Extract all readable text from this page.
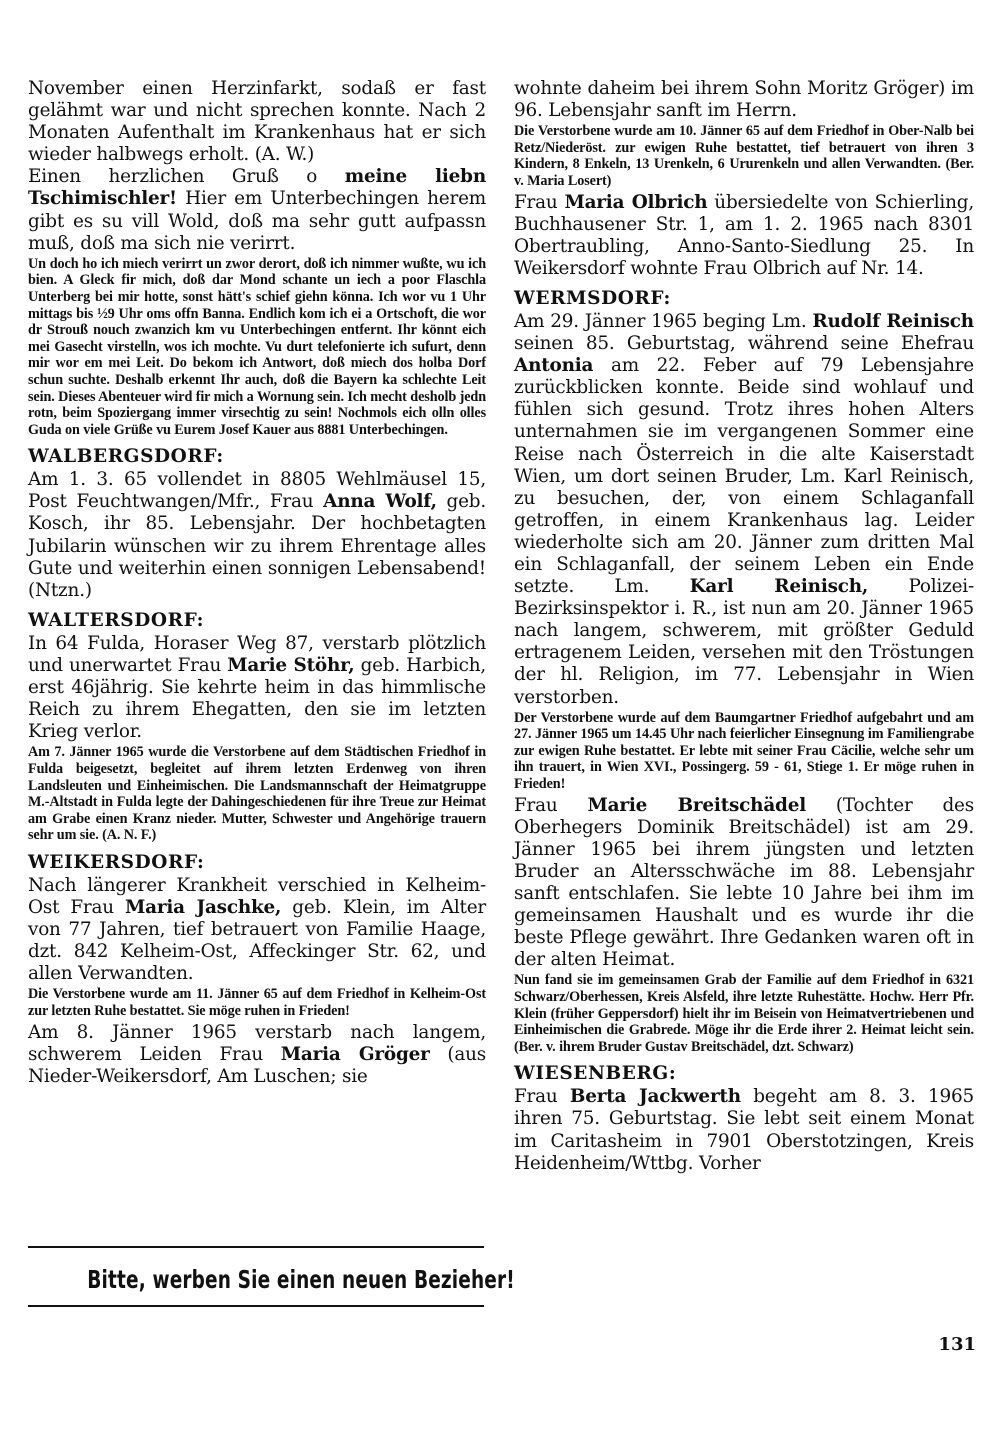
November einen Herzinfarkt, sodaß er fast gelähmt war und nicht sprechen konnte. Nach 2 Monaten Aufenthalt im Krankenhaus hat er sich wieder halbwegs erholt. (A. W.)

Einen herzlichen Gruß o meine liebn Tschimischler! Hier em Unterbechingen herem gibt es su vill Wold, doß ma sehr gutt aufpassn muß, doß ma sich nie verirrt.

Un doch ho ich miech verirrt un zwor derort, doß ich nimmer wußte, wu ich bien. A Gleck fir mich, doß dar Mond schante un iech a poor Flaschla Unterberg bei mir hotte, sonst hätt's schief giehn könna. Ich wor vu 1 Uhr mittags bis ½9 Uhr oms offn Banna. Endlich kom ich ei a Ortschoft, die wor dr Strouß nouch zwanzich km vu Unterbechingen entfernt. Ihr könnt eich mei Gasecht virstelln, wos ich mochte. Vu durt telefonierte ich sufurt, denn mir wor em mei Leit. Do bekom ich Antwort, doß miech dos holba Dorf schun suchte. Deshalb erkennt Ihr auch, doß die Bayern ka schlechte Leit sein. Dieses Abenteuer wird fir mich a Wornung sein. Ich mecht desholb jedn rotn, beim Spoziergang immer virsechtig zu sein! Nochmols eich olln olles Guda on viele Grüße vu Eurem Josef Kauer aus 8881 Unterbechingen.

WALBERGSDORF:

Am 1. 3. 65 vollendet in 8805 Wehlmäusel 15, Post Feuchtwangen/Mfr., Frau Anna Wolf, geb. Kosch, ihr 85. Lebensjahr. Der hochbetagten Jubilarin wünschen wir zu ihrem Ehrentage alles Gute und weiterhin einen sonnigen Lebensabend! (Ntzn.)

WALTERSDORF:

In 64 Fulda, Horaser Weg 87, verstarb plötzlich und unerwartet Frau Marie Stöhr, geb. Harbich, erst 46jährig. Sie kehrte heim in das himmlische Reich zu ihrem Ehegatten, den sie im letzten Krieg verlor.

Am 7. Jänner 1965 wurde die Verstorbene auf dem Städtischen Friedhof in Fulda beigesetzt, begleitet auf ihrem letzten Erdenweg von ihren Landsleuten und Einheimischen. Die Landsmannschaft der Heimatgruppe M.-Altstadt in Fulda legte der Dahingeschiedenen für ihre Treue zur Heimat am Grabe einen Kranz nieder. Mutter, Schwester und Angehörige trauern sehr um sie. (A. N. F.)

WEIKERSDORF:

Nach längerer Krankheit verschied in Kelheim-Ost Frau Maria Jaschke, geb. Klein, im Alter von 77 Jahren, tief betrauert von Familie Haage, dzt. 842 Kelheim-Ost, Affeckinger Str. 62, und allen Verwandten.

Die Verstorbene wurde am 11. Jänner 65 auf dem Friedhof in Kelheim-Ost zur letzten Ruhe bestattet. Sie möge ruhen in Frieden!

Am 8. Jänner 1965 verstarb nach langem, schwerem Leiden Frau Maria Gröger (aus Nieder-Weikersdorf, Am Luschen; sie

Bitte, werben Sie einen neuen Bezieher!

wohnte daheim bei ihrem Sohn Moritz Gröger) im 96. Lebensjahr sanft im Herrn.

Die Verstorbene wurde am 10. Jänner 65 auf dem Friedhof in Ober-Nalb bei Retz/Niederöst. zur ewigen Ruhe bestattet, tief betrauert von ihren 3 Kindern, 8 Enkeln, 13 Urenkeln, 6 Ururenkeln und allen Verwandten. (Ber. v. Maria Losert)

Frau Maria Olbrich übersiedelte von Schierling, Buchhausener Str. 1, am 1. 2. 1965 nach 8301 Obertraubling, Anno-Santo-Siedlung 25. In Weikersdorf wohnte Frau Olbrich auf Nr. 14.

WERMSDORF:

Am 29. Jänner 1965 beging Lm. Rudolf Reinisch seinen 85. Geburtstag, während seine Ehefrau Antonia am 22. Feber auf 79 Lebensjahre zurückblicken konnte. Beide sind wohlauf und fühlen sich gesund. Trotz ihres hohen Alters unternahmen sie im vergangenen Sommer eine Reise nach Österreich in die alte Kaiserstadt Wien, um dort seinen Bruder, Lm. Karl Reinisch, zu besuchen, der, von einem Schlaganfall getroffen, in einem Krankenhaus lag. Leider wiederholte sich am 20. Jänner zum dritten Mal ein Schlaganfall, der seinem Leben ein Ende setzte. Lm. Karl Reinisch, Polizei-Bezirksinspektor i. R., ist nun am 20. Jänner 1965 nach langem, schwerem, mit größter Geduld ertragenem Leiden, versehen mit den Tröstungen der hl. Religion, im 77. Lebensjahr in Wien verstorben.

Der Verstorbene wurde auf dem Baumgartner Friedhof aufgebahrt und am 27. Jänner 1965 um 14.45 Uhr nach feierlicher Einsegnung im Familiengrabe zur ewigen Ruhe bestattet. Er lebte mit seiner Frau Cäcilie, welche sehr um ihn trauert, in Wien XVI., Possingerg. 59 - 61, Stiege 1. Er möge ruhen in Frieden!

Frau Marie Breitschädel (Tochter des Oberhegers Dominik Breitschädel) ist am 29. Jänner 1965 bei ihrem jüngsten und letzten Bruder an Altersschwäche im 88. Lebensjahr sanft entschlafen. Sie lebte 10 Jahre bei ihm im gemeinsamen Haushalt und es wurde ihr die beste Pflege gewährt. Ihre Gedanken waren oft in der alten Heimat.

Nun fand sie im gemeinsamen Grab der Familie auf dem Friedhof in 6321 Schwarz/Oberhessen, Kreis Alsfeld, ihre letzte Ruhestätte. Hochw. Herr Pfr. Klein (früher Geppersdorf) hielt ihr im Beisein von Heimatvertriebenen und Einheimischen die Grabrede. Möge ihr die Erde ihrer 2. Heimat leicht sein. (Ber. v. ihrem Bruder Gustav Breitschädel, dzt. Schwarz)

WIESENBERG:

Frau Berta Jackwerth begeht am 8. 3. 1965 ihren 75. Geburtstag. Sie lebt seit einem Monat im Caritasheim in 7901 Oberstotzingen, Kreis Heidenheim/Wttbg. Vorher

131
